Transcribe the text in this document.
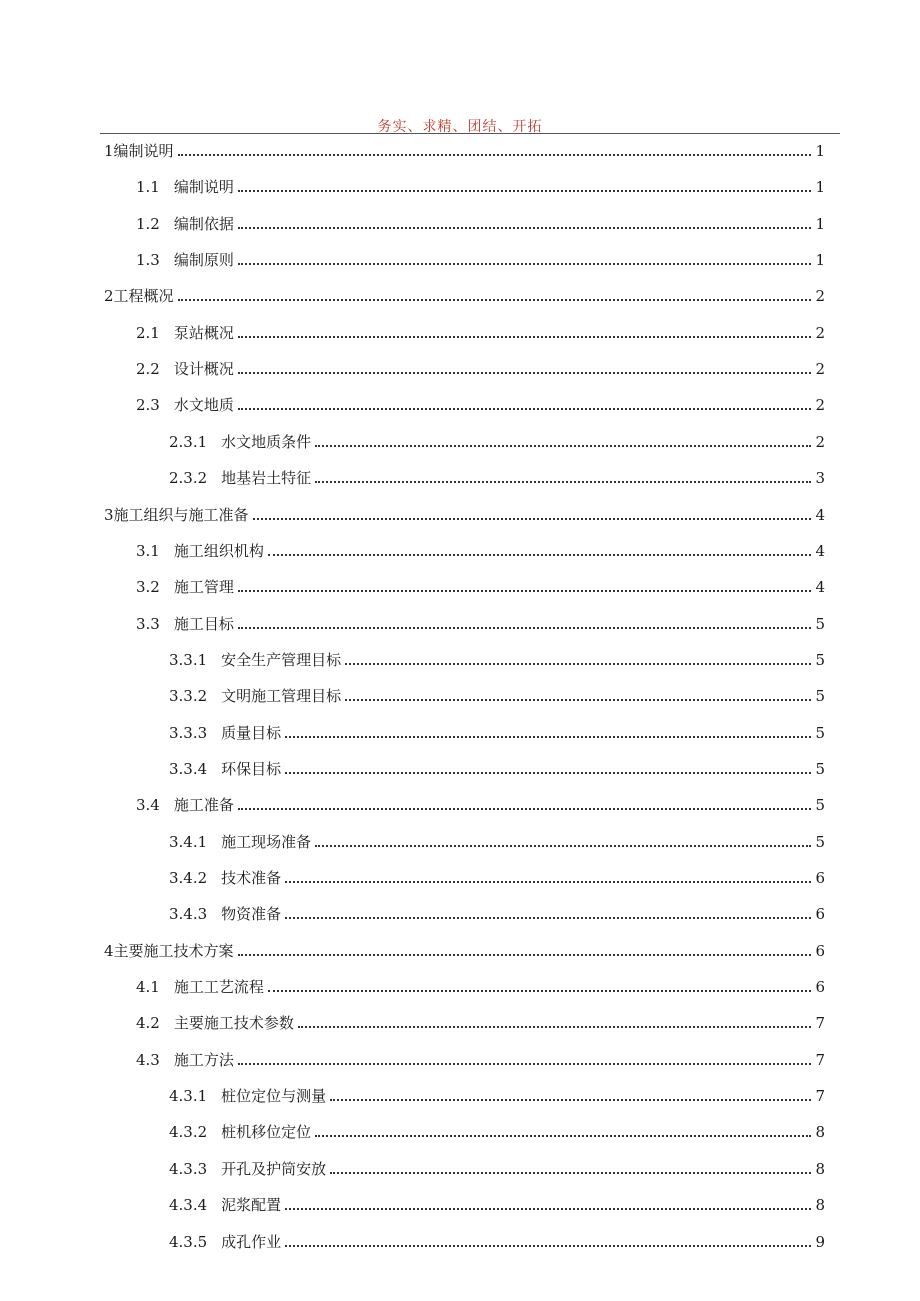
务实、求精、团结、开拓
1 编制说明	1
1.1 编制说明	1
1.2 编制依据	1
1.3 编制原则	1
2 工程概况	2
2.1 泵站概况	2
2.2 设计概况	2
2.3 水文地质	2
2.3.1 水文地质条件	2
2.3.2 地基岩土特征	3
3 施工组织与施工准备	4
3.1 施工组织机构	4
3.2 施工管理	4
3.3 施工目标	5
3.3.1 安全生产管理目标	5
3.3.2 文明施工管理目标	5
3.3.3 质量目标	5
3.3.4 环保目标	5
3.4 施工准备	5
3.4.1 施工现场准备	5
3.4.2 技术准备	6
3.4.3 物资准备	6
4 主要施工技术方案	6
4.1 施工工艺流程	6
4.2 主要施工技术参数	7
4.3 施工方法	7
4.3.1 桩位定位与测量	7
4.3.2 桩机移位定位	8
4.3.3 开孔及护筒安放	8
4.3.4 泥浆配置	8
4.3.5 成孔作业	9
